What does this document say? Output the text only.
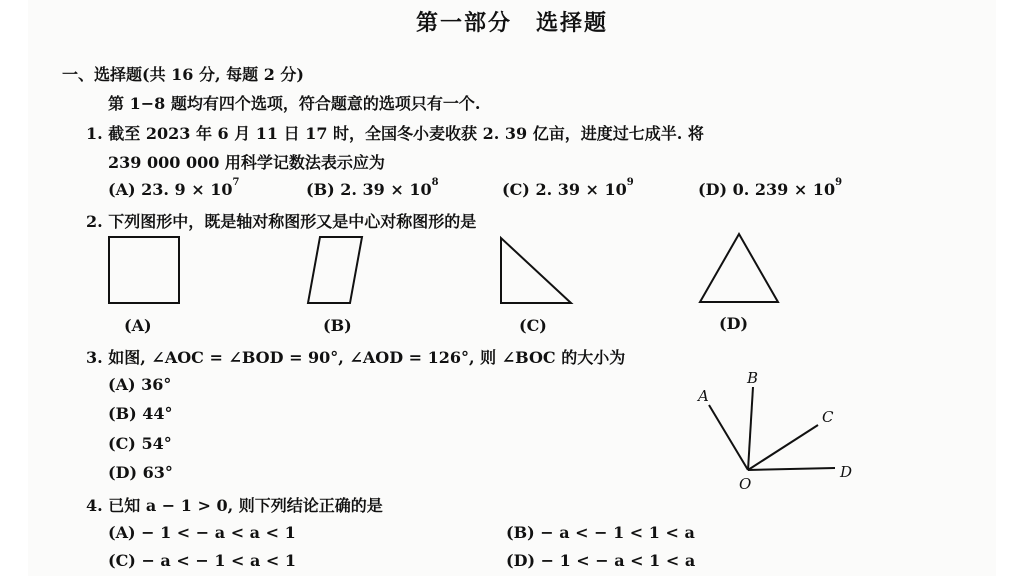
第一部分　选择题
一、选择题(共 16 分, 每题 2 分)
第 1−8 题均有四个选项，符合题意的选项只有一个.
1. 截至 2023 年 6 月 11 日 17 时，全国冬小麦收获 2. 39 亿亩，进度过七成半. 将
239 000 000 用科学记数法表示应为
(A) 23. $9 \times 10^7$	(B) 2. $39 \times 10^8$	(C) 2. $39 \times 10^9$	(D) 0. $239 \times 10^9$
2. 下列图形中，既是轴对称图形又是中心对称图形的是
(A)	(B)	(C)	(D)
3. 如图, ∠AOC = ∠BOD = 90°, ∠AOD = 126°, 则 ∠BOC 的大小为
(A) 36°
(B) 44°
(C) 54°
(D) 63°
A
B
C
D
O
4. 已知 a − 1 > 0, 则下列结论正确的是
(A) − 1 < − a < a < 1	(B) − a < − 1 < 1 < a
(C) − a < − 1 < a < 1	(D) − 1 < − a < 1 < a
